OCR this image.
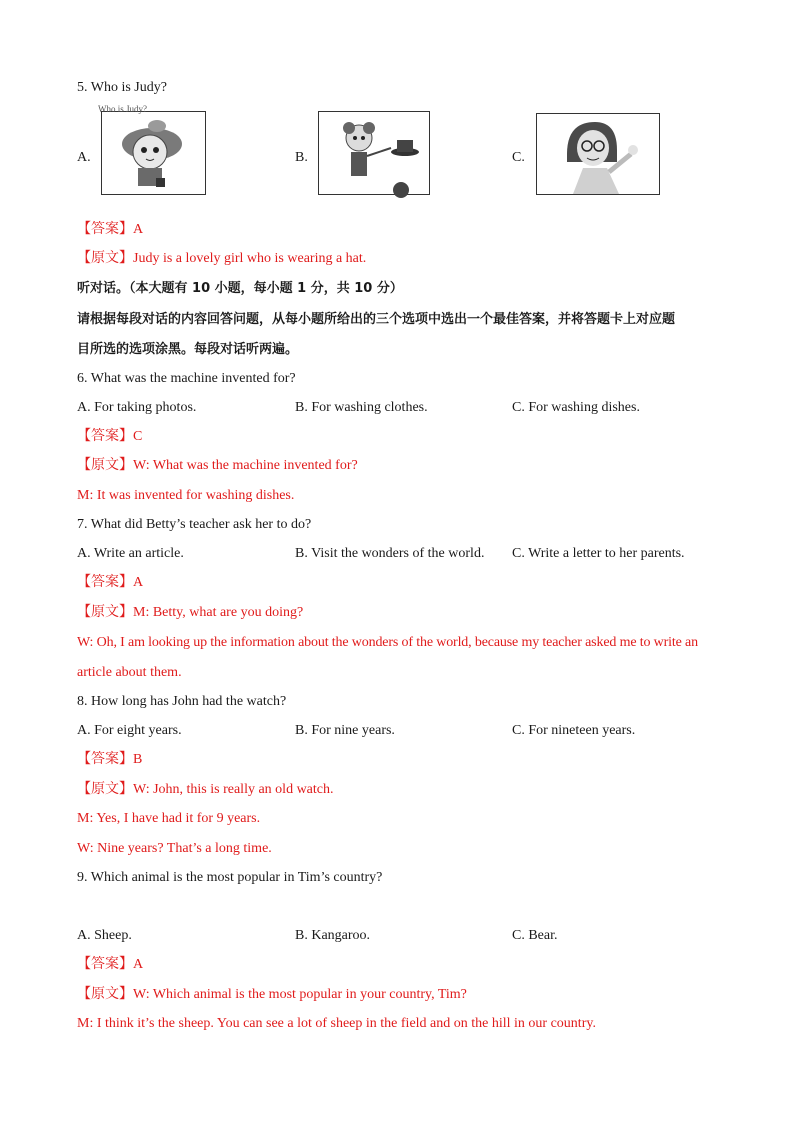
5. Who is Judy?
Who is Judy?
A.	B.	C.
【答案】A
【原文】Judy is a lovely girl who is wearing a hat.
听对话。（本大题有 10 小题，每小题 1 分，共 10 分）
请根据每段对话的内容回答问题，从每小题所给出的三个选项中选出一个最佳答案，并将答题卡上对应题
目所选的选项涂黑。每段对话听两遍。
6. What was the machine invented for?
A. For taking photos.	B. For washing clothes.	C. For washing dishes.
【答案】C
【原文】W: What was the machine invented for?
M: It was invented for washing dishes.
7. What did Betty’s teacher ask her to do?
A. Write an article.	B. Visit the wonders of the world. C. Write a letter to her parents.
【答案】A
【原文】M: Betty, what are you doing?
W: Oh, I am looking up the information about the wonders of the world, because my teacher asked me to write an
article about them.
8. How long has John had the watch?
A. For eight years.	B. For nine years.	C. For nineteen years.
【答案】B
【原文】W: John, this is really an old watch.
M: Yes, I have had it for 9 years.
W: Nine years? That’s a long time.
9. Which animal is the most popular in Tim’s country?
A. Sheep.	B. Kangaroo.	C. Bear.
【答案】A
【原文】W: Which animal is the most popular in your country, Tim?
M: I think it’s the sheep. You can see a lot of sheep in the field and on the hill in our country.
